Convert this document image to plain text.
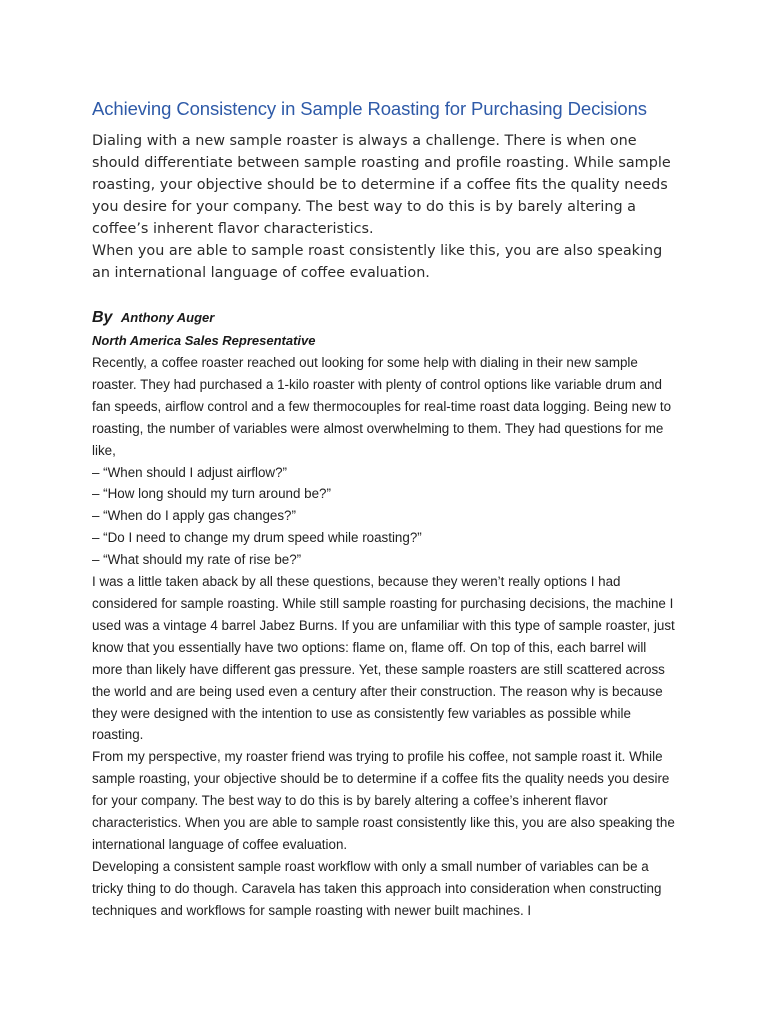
Achieving Consistency in Sample Roasting for Purchasing Decisions

Dialing with a new sample roaster is always a challenge. There is when one should differentiate between sample roasting and profile roasting. While sample roasting, your objective should be to determine if a coffee fits the quality needs you desire for your company. The best way to do this is by barely altering a coffee’s inherent flavor characteristics.

When you are able to sample roast consistently like this, you are also speaking an international language of coffee evaluation.

By Anthony Auger
North America Sales Representative

Recently, a coffee roaster reached out looking for some help with dialing in their new sample roaster. They had purchased a 1-kilo roaster with plenty of control options like variable drum and fan speeds, airflow control and a few thermocouples for real-time roast data logging. Being new to roasting, the number of variables were almost overwhelming to them. They had questions for me like,

– “When should I adjust airflow?”

– “How long should my turn around be?”

– “When do I apply gas changes?”

– “Do I need to change my drum speed while roasting?”

– “What should my rate of rise be?”

I was a little taken aback by all these questions, because they weren’t really options I had considered for sample roasting. While still sample roasting for purchasing decisions, the machine I used was a vintage 4 barrel Jabez Burns. If you are unfamiliar with this type of sample roaster, just know that you essentially have two options: flame on, flame off. On top of this, each barrel will more than likely have different gas pressure. Yet, these sample roasters are still scattered across the world and are being used even a century after their construction. The reason why is because they were designed with the intention to use as consistently few variables as possible while roasting.

From my perspective, my roaster friend was trying to profile his coffee, not sample roast it. While sample roasting, your objective should be to determine if a coffee fits the quality needs you desire for your company. The best way to do this is by barely altering a coffee’s inherent flavor characteristics. When you are able to sample roast consistently like this, you are also speaking the international language of coffee evaluation.

Developing a consistent sample roast workflow with only a small number of variables can be a tricky thing to do though. Caravela has taken this approach into consideration when constructing techniques and workflows for sample roasting with newer built machines. I
